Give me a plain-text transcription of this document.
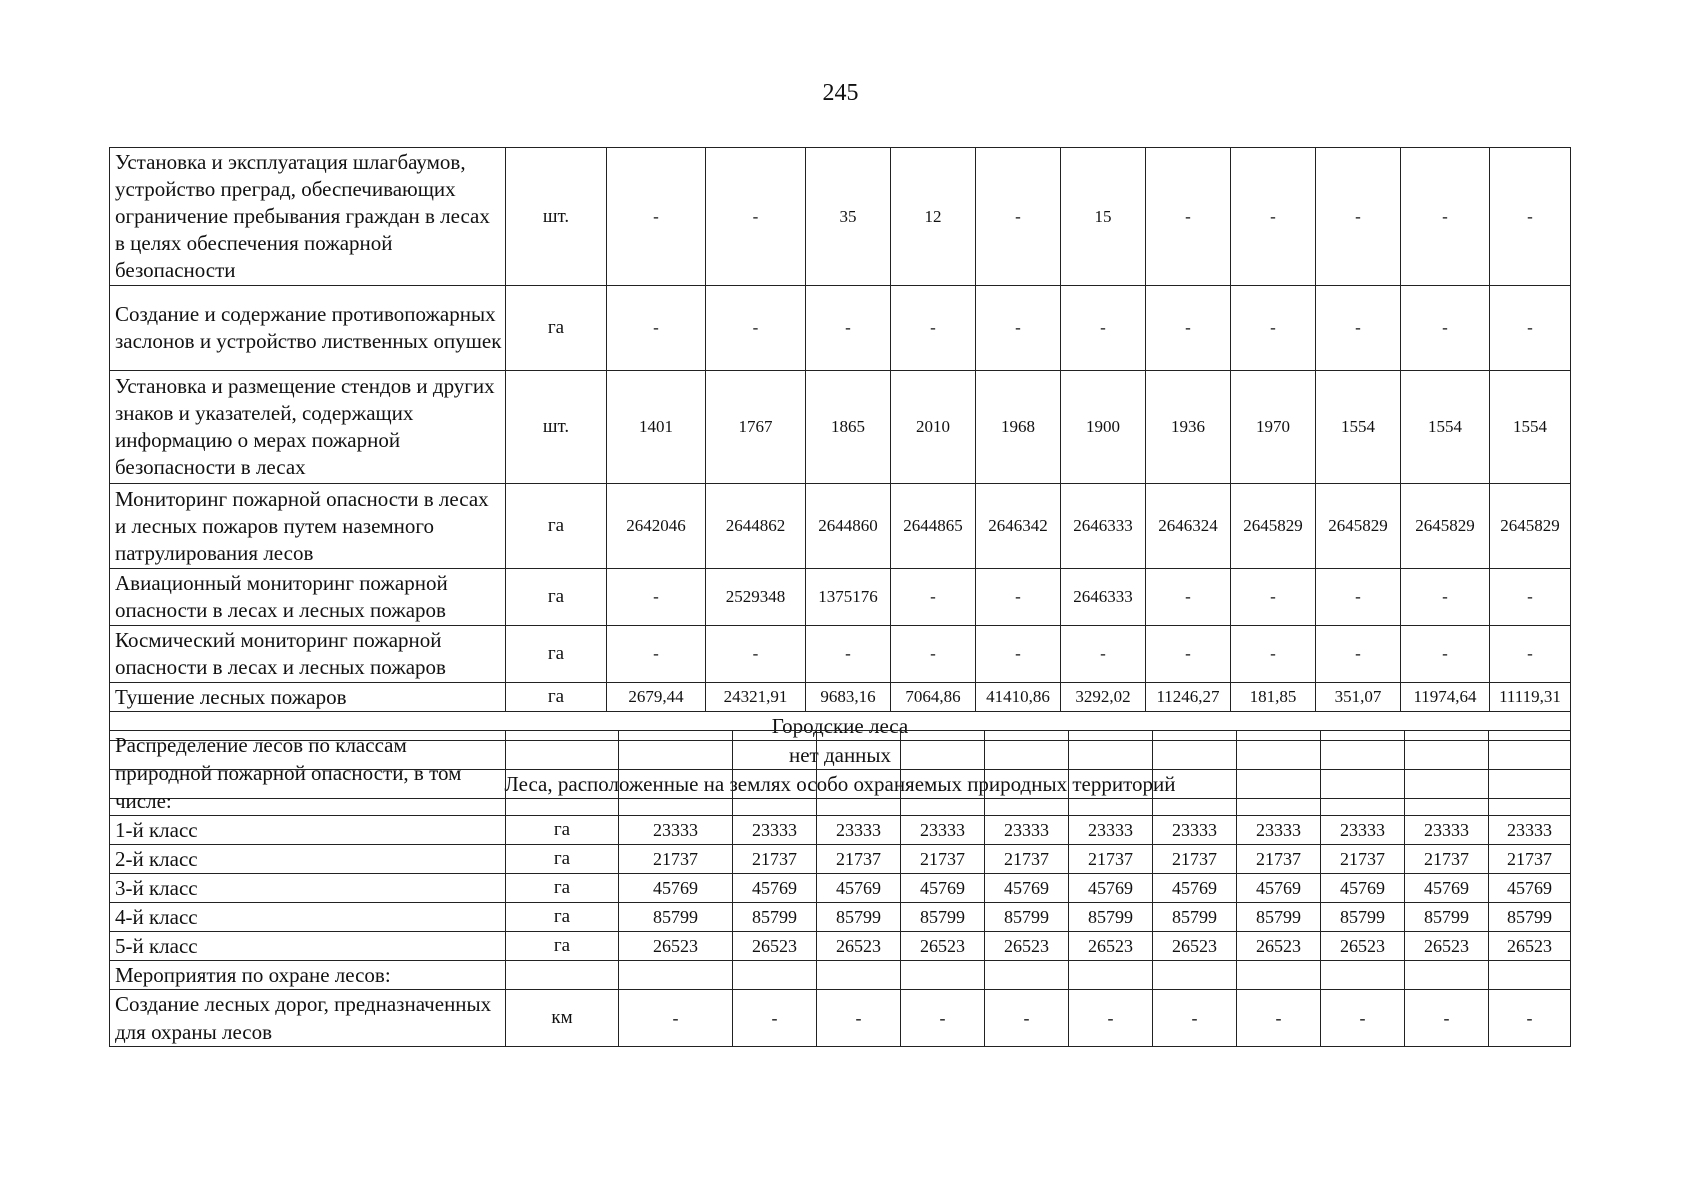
245
Установка и эксплуатация шлагбаумов, устройство преград, обеспечивающих ограничение пребывания граждан в лесах в целях обеспечения пожарной безопасности	шт.	-	-	35	12	-	15	-	-	-	-	-
Создание и содержание противопожарных заслонов и устройство лиственных опушек	га	-	-	-	-	-	-	-	-	-	-	-
Установка и размещение стендов и других знаков и указателей, содержащих информацию о мерах пожарной безопасности в лесах	шт.	1401	1767	1865	2010	1968	1900	1936	1970	1554	1554	1554
Мониторинг пожарной опасности в лесах и лесных пожаров путем наземного патрулирования лесов	га	2642046	2644862	2644860	2644865	2646342	2646333	2646324	2645829	2645829	2645829	2645829
Авиационный мониторинг пожарной опасности в лесах и лесных пожаров	га	-	2529348	1375176	-	-	2646333	-	-	-	-	-
Космический мониторинг пожарной опасности в лесах и лесных пожаров	га	-	-	-	-	-	-	-	-	-	-	-
Тушение лесных пожаров	га	2679,44	24321,91	9683,16	7064,86	41410,86	3292,02	11246,27	181,85	351,07	11974,64	11119,31
Городские леса												
нет данных												
Леса, расположенные на землях особо охраняемых природных территорий												
Распределение лесов по классам природной пожарной опасности, в том числе:												
1-й класс	га	23333	23333	23333	23333	23333	23333	23333	23333	23333	23333	23333
2-й класс	га	21737	21737	21737	21737	21737	21737	21737	21737	21737	21737	21737
3-й класс	га	45769	45769	45769	45769	45769	45769	45769	45769	45769	45769	45769
4-й класс	га	85799	85799	85799	85799	85799	85799	85799	85799	85799	85799	85799
5-й класс	га	26523	26523	26523	26523	26523	26523	26523	26523	26523	26523	26523
Мероприятия по охране лесов:												
Создание лесных дорог, предназначенных для охраны лесов	км	-	-	-	-	-	-	-	-	-	-	-
